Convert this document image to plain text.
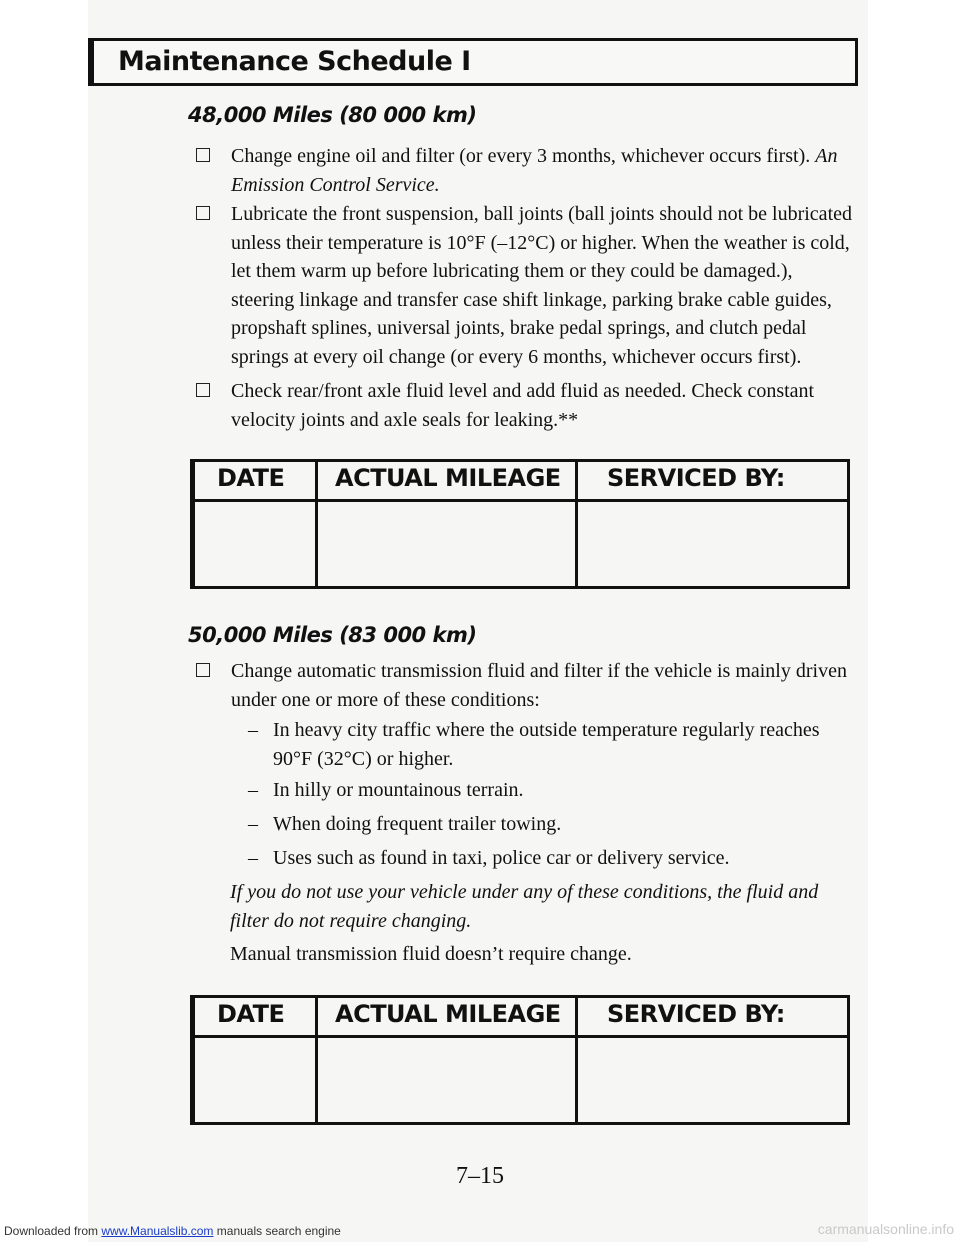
Maintenance Schedule I
48,000 Miles (80 000 km)
Change engine oil and filter (or every 3 months, whichever occurs first). An Emission Control Service.
Lubricate the front suspension, ball joints (ball joints should not be lubricated unless their temperature is 10°F (–12°C) or higher. When the weather is cold, let them warm up before lubricating them or they could be damaged.), steering linkage and transfer case shift linkage, parking brake cable guides, propshaft splines, universal joints, brake pedal springs, and clutch pedal springs at every oil change (or every 6 months, whichever occurs first).
Check rear/front axle fluid level and add fluid as needed. Check constant velocity joints and axle seals for leaking.**
DATE ACTUAL MILEAGE SERVICED BY:
50,000 Miles (83 000 km)
Change automatic transmission fluid and filter if the vehicle is mainly driven under one or more of these conditions:
– In heavy city traffic where the outside temperature regularly reaches 90°F (32°C) or higher.
– In hilly or mountainous terrain.
– When doing frequent trailer towing.
– Uses such as found in taxi, police car or delivery service.
If you do not use your vehicle under any of these conditions, the fluid and filter do not require changing.
Manual transmission fluid doesn’t require change.
DATE ACTUAL MILEAGE SERVICED BY:
7–15
Downloaded from www.Manualslib.com manuals search engine	carmanualsonline.info
